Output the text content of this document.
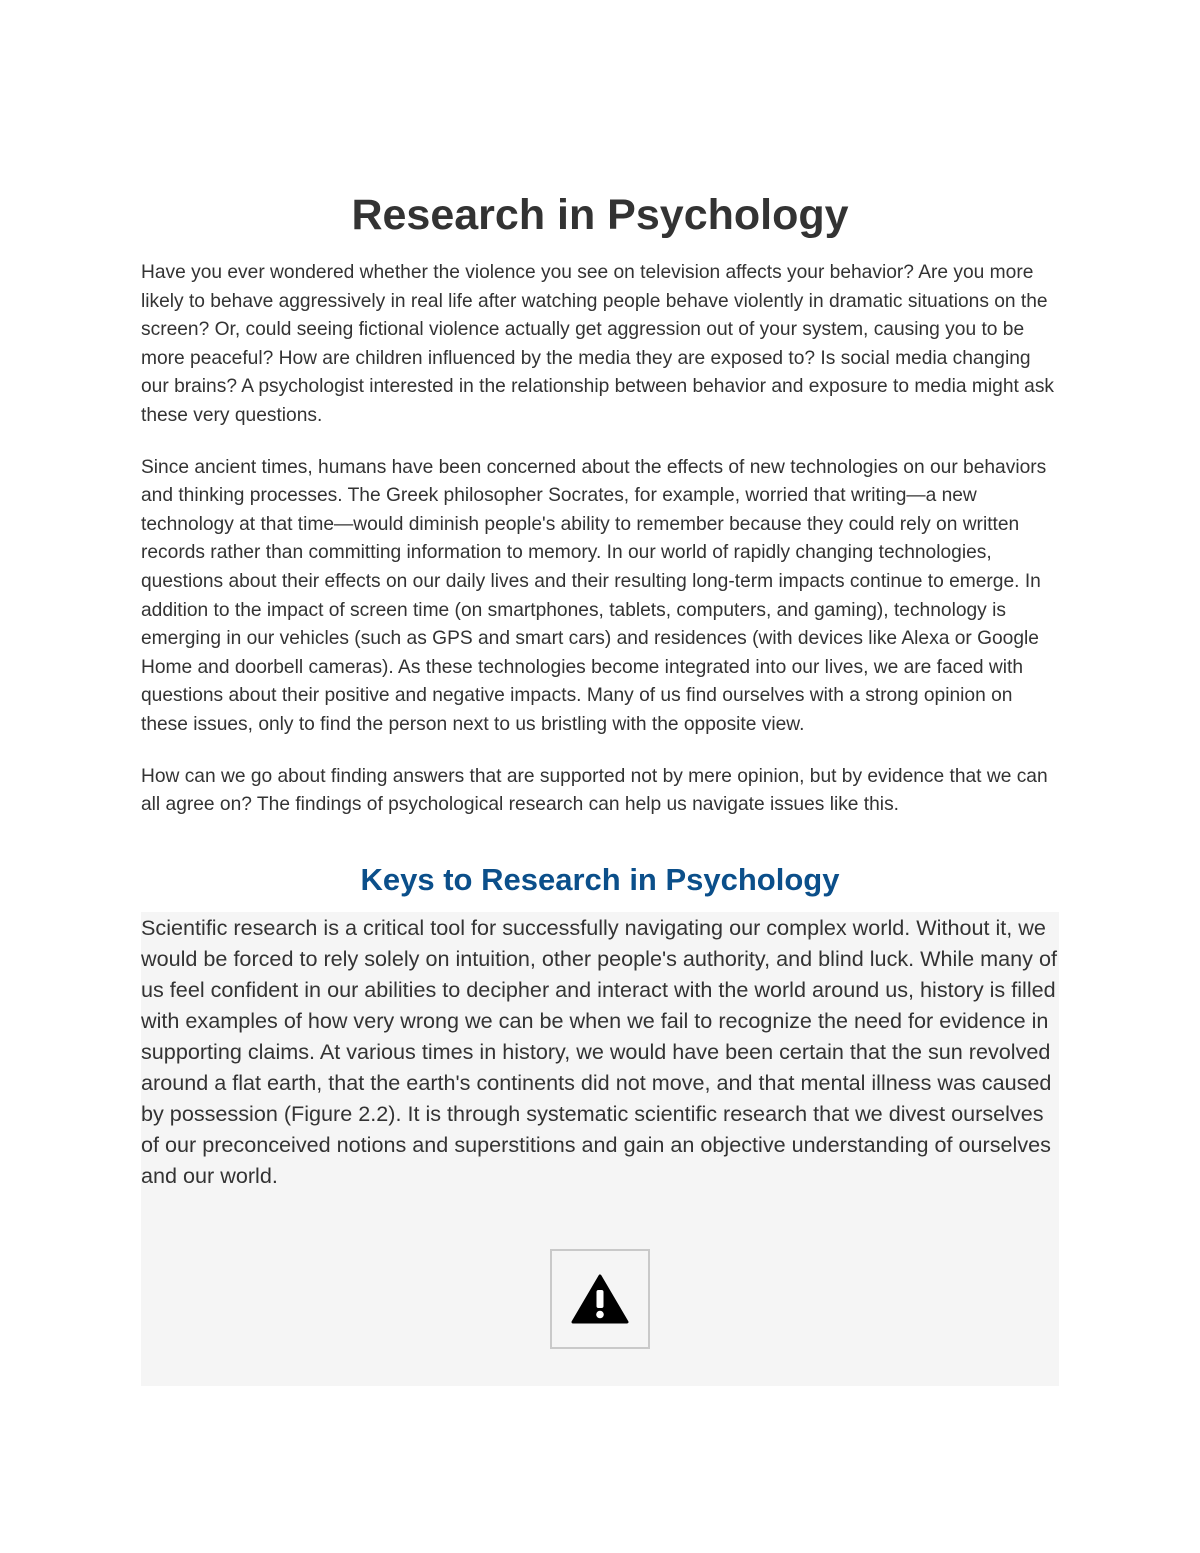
Research in Psychology

Have you ever wondered whether the violence you see on television affects your behavior? Are you more likely to behave aggressively in real life after watching people behave violently in dramatic situations on the screen? Or, could seeing fictional violence actually get aggression out of your system, causing you to be more peaceful? How are children influenced by the media they are exposed to? Is social media changing our brains? A psychologist interested in the relationship between behavior and exposure to media might ask these very questions.

Since ancient times, humans have been concerned about the effects of new technologies on our behaviors and thinking processes. The Greek philosopher Socrates, for example, worried that writing—a new technology at that time—would diminish people's ability to remember because they could rely on written records rather than committing information to memory. In our world of rapidly changing technologies, questions about their effects on our daily lives and their resulting long-term impacts continue to emerge. In addition to the impact of screen time (on smartphones, tablets, computers, and gaming), technology is emerging in our vehicles (such as GPS and smart cars) and residences (with devices like Alexa or Google Home and doorbell cameras). As these technologies become integrated into our lives, we are faced with questions about their positive and negative impacts. Many of us find ourselves with a strong opinion on these issues, only to find the person next to us bristling with the opposite view.

How can we go about finding answers that are supported not by mere opinion, but by evidence that we can all agree on? The findings of psychological research can help us navigate issues like this.

Keys to Research in Psychology

Scientific research is a critical tool for successfully navigating our complex world. Without it, we would be forced to rely solely on intuition, other people's authority, and blind luck. While many of us feel confident in our abilities to decipher and interact with the world around us, history is filled with examples of how very wrong we can be when we fail to recognize the need for evidence in supporting claims. At various times in history, we would have been certain that the sun revolved around a flat earth, that the earth's continents did not move, and that mental illness was caused by possession (Figure 2.2). It is through systematic scientific research that we divest ourselves of our preconceived notions and superstitions and gain an objective understanding of ourselves and our world.
